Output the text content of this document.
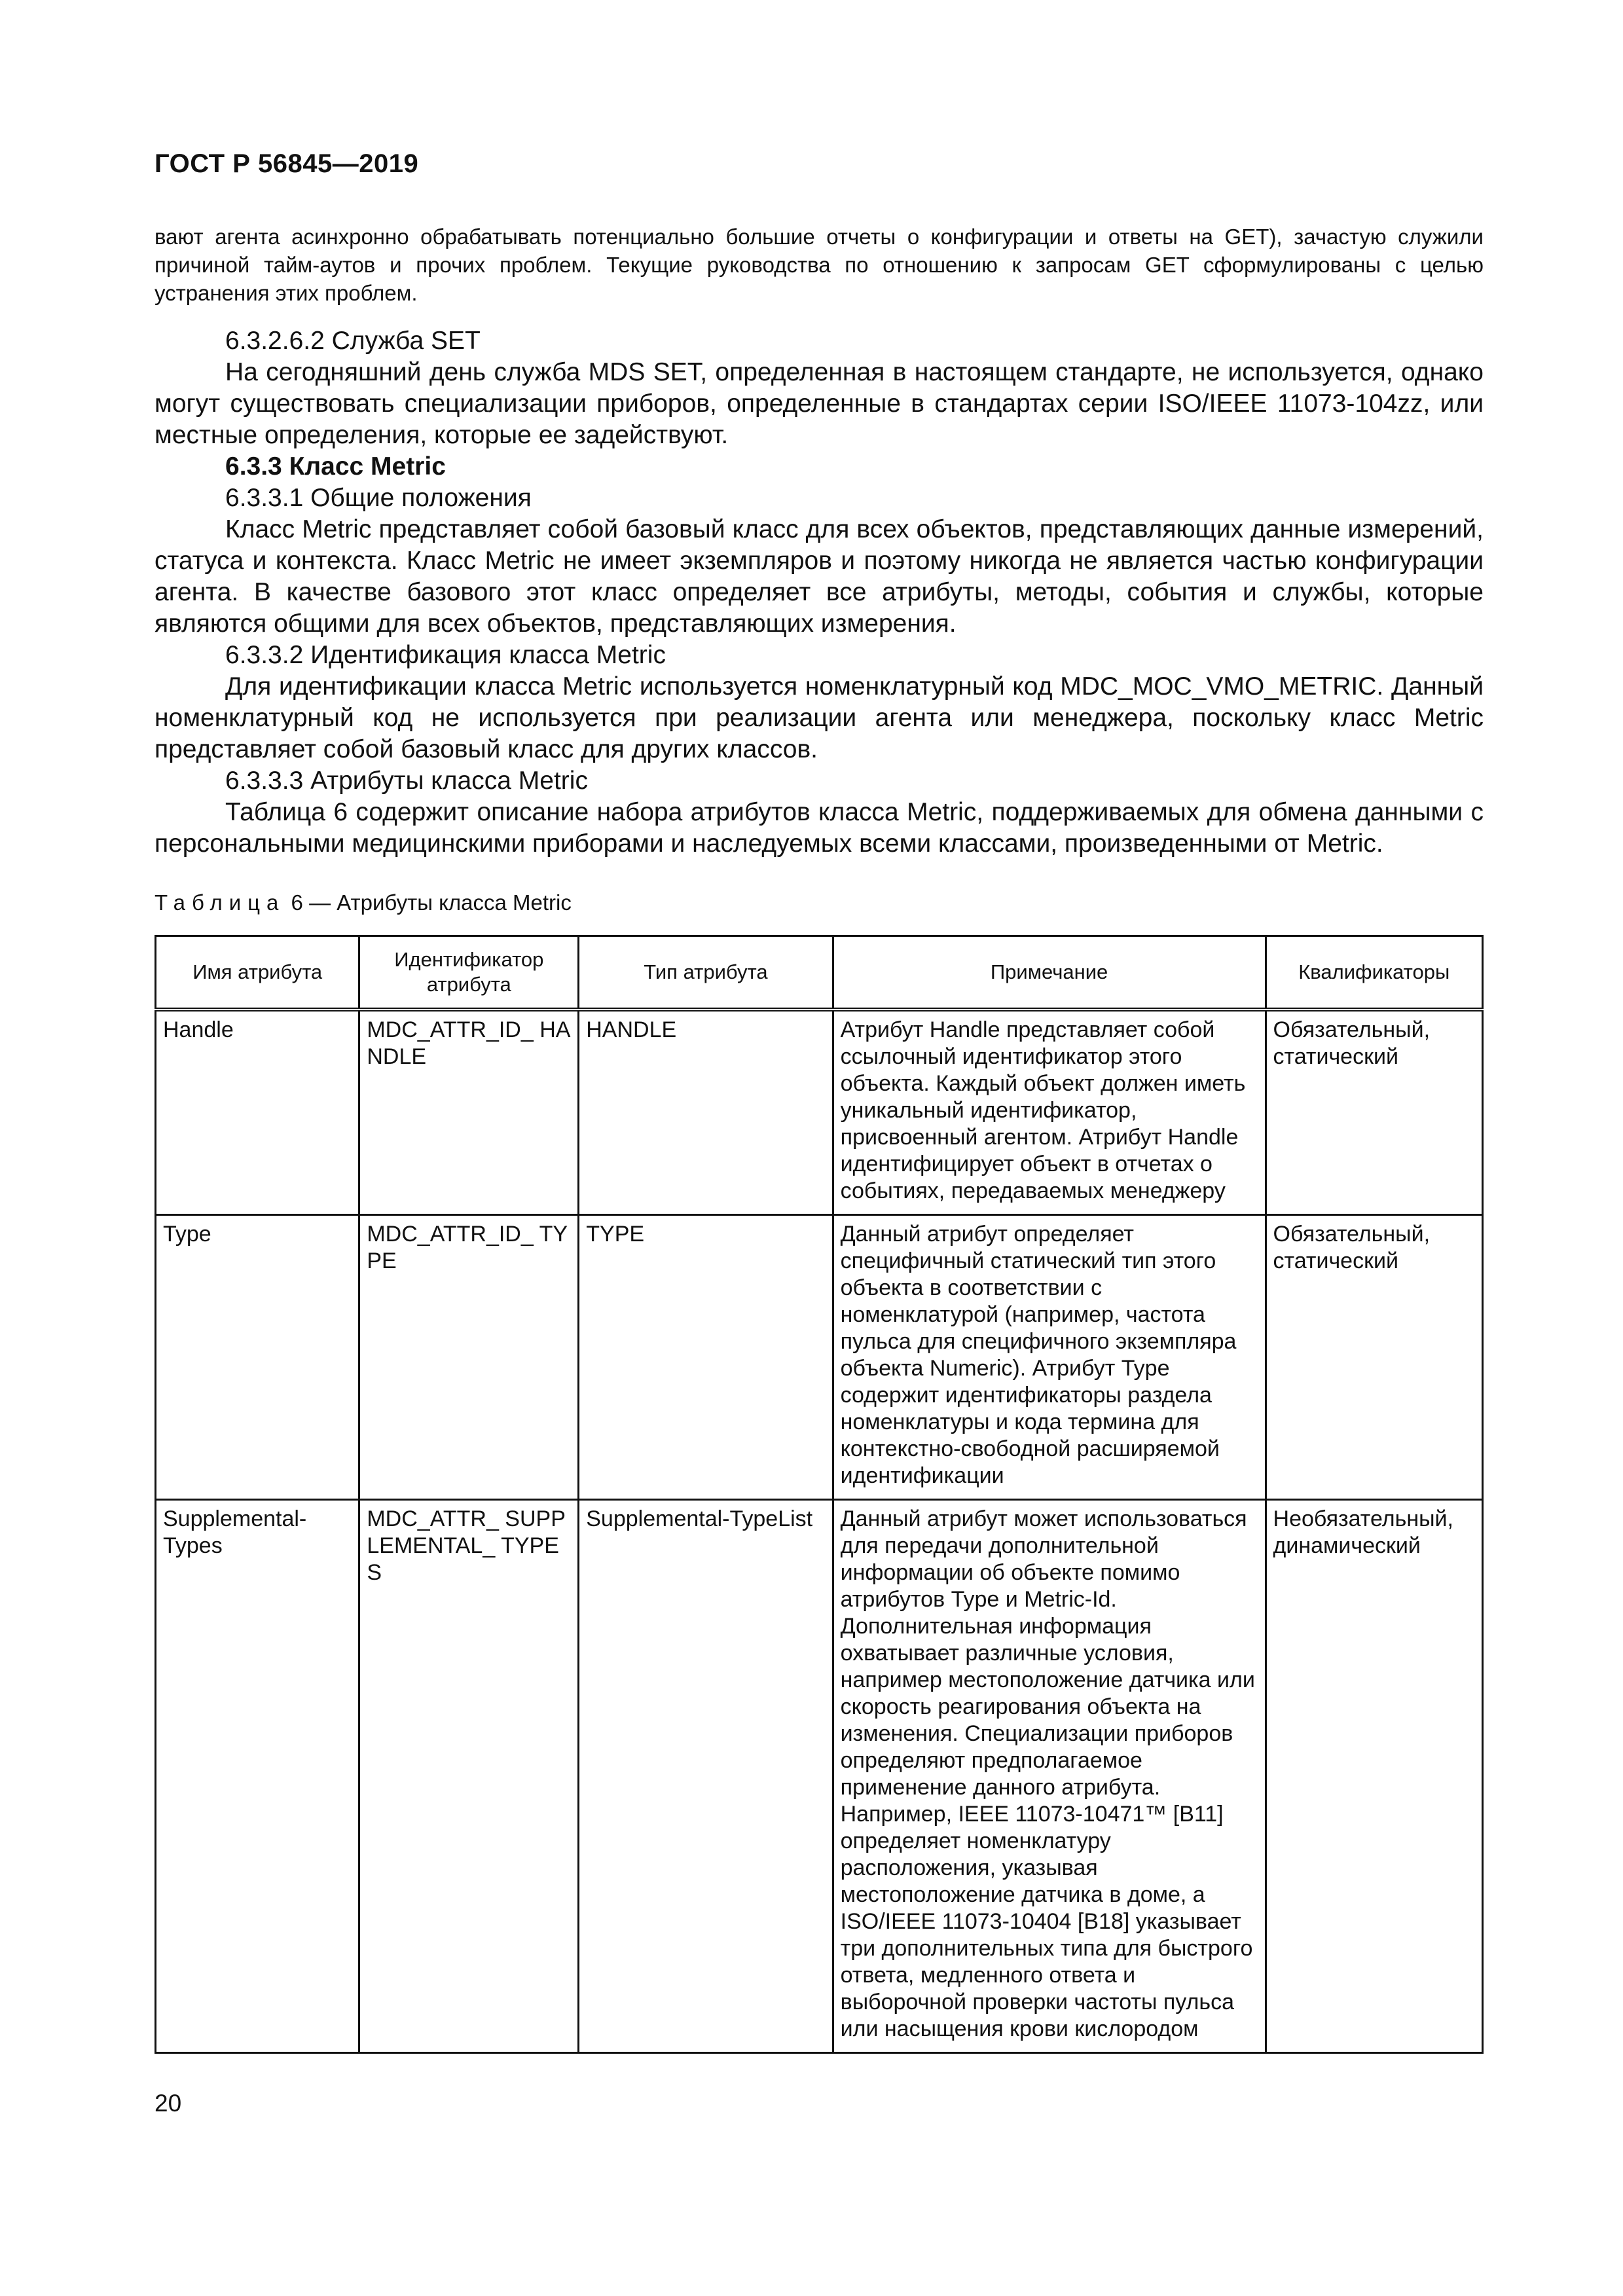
ГОСТ Р 56845—2019

вают агента асинхронно обрабатывать потенциально большие отчеты о конфигурации и ответы на GET), зачастую служили причиной тайм-аутов и прочих проблем. Текущие руководства по отношению к запросам GET сформулированы с целью устранения этих проблем.

6.3.2.6.2 Служба SET

На сегодняшний день служба MDS SET, определенная в настоящем стандарте, не используется, однако могут существовать специализации приборов, определенные в стандартах серии ISO/IEEE 11073-104zz, или местные определения, которые ее задействуют.

6.3.3 Класс Metric

6.3.3.1 Общие положения

Класс Metric представляет собой базовый класс для всех объектов, представляющих данные измерений, статуса и контекста. Класс Metric не имеет экземпляров и поэтому никогда не является частью конфигурации агента. В качестве базового этот класс определяет все атрибуты, методы, события и службы, которые являются общими для всех объектов, представляющих измерения.

6.3.3.2 Идентификация класса Metric

Для идентификации класса Metric используется номенклатурный код MDC_MOC_VMO_METRIC. Данный номенклатурный код не используется при реализации агента или менеджера, поскольку класс Metric представляет собой базовый класс для других классов.

6.3.3.3 Атрибуты класса Metric

Таблица 6 содержит описание набора атрибутов класса Metric, поддерживаемых для обмена данными с персональными медицинскими приборами и наследуемых всеми классами, произведенными от Metric.

Таблица 6 — Атрибуты класса Metric
Имя атрибута	Идентификатор атрибута	Тип атрибута	Примечание	Квалификаторы
Handle	MDC_ATTR_ID_ HANDLE	HANDLE	Атрибут Handle представляет собой ссылочный идентификатор этого объекта. Каждый объект должен иметь уникальный идентификатор, присвоенный агентом. Атрибут Handle идентифицирует объект в отчетах о событиях, передаваемых менеджеру	Обязательный, статический
Type	MDC_ATTR_ID_ TYPE	TYPE	Данный атрибут определяет специфичный статический тип этого объекта в соответствии с номенклатурой (например, частота пульса для специфичного экземпляра объекта Numeric). Атрибут Type содержит идентификаторы раздела номенклатуры и кода термина для контекстно-свободной расширяемой идентификации	Обязательный, статический
Supplemental-Types	MDC_ATTR_ SUPPLEMENTAL_ TYPES	Supplemental-TypeList	Данный атрибут может использоваться для передачи дополнительной информации об объекте помимо атрибутов Type и Metric-Id. Дополнительная информация охватывает различные условия, например местоположение датчика или скорость реагирования объекта на изменения. Специализации приборов определяют предполагаемое применение данного атрибута. Например, IEEE 11073-10471™ [B11] определяет номенклатуру расположения, указывая местоположение датчика в доме, а ISO/IEEE 11073-10404 [B18] указывает три дополнительных типа для быстрого ответа, медленного ответа и выборочной проверки частоты пульса или насыщения крови кислородом	Необязательный, динамический
20
